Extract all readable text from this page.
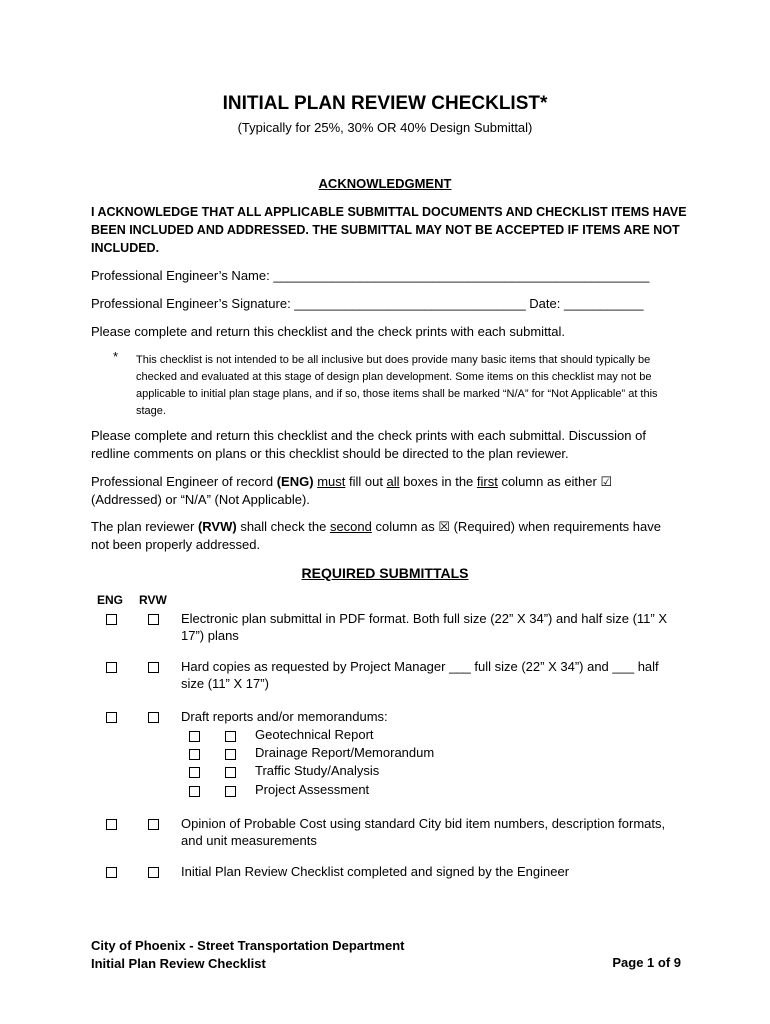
INITIAL PLAN REVIEW CHECKLIST*
(Typically for 25%, 30% OR 40% Design Submittal)
ACKNOWLEDGMENT
I ACKNOWLEDGE THAT ALL APPLICABLE SUBMITTAL DOCUMENTS AND CHECKLIST ITEMS HAVE BEEN INCLUDED AND ADDRESSED. THE SUBMITTAL MAY NOT BE ACCEPTED IF ITEMS ARE NOT INCLUDED.
Professional Engineer’s Name: ____________________________________________________
Professional Engineer’s Signature: ________________________________ Date: ___________
Please complete and return this checklist and the check prints with each submittal.
* This checklist is not intended to be all inclusive but does provide many basic items that should typically be checked and evaluated at this stage of design plan development. Some items on this checklist may not be applicable to initial plan stage plans, and if so, those items shall be marked “N/A” for “Not Applicable” at this stage.
Please complete and return this checklist and the check prints with each submittal. Discussion of redline comments on plans or this checklist should be directed to the plan reviewer.
Professional Engineer of record (ENG) must fill out all boxes in the first column as either ☑ (Addressed) or “N/A” (Not Applicable).
The plan reviewer (RVW) shall check the second column as ☒ (Required) when requirements have not been properly addressed.
REQUIRED SUBMITTALS
ENG RVW
Electronic plan submittal in PDF format. Both full size (22” X 34”) and half size (11” X 17”) plans
Hard copies as requested by Project Manager ___ full size (22” X 34”) and ___ half size (11” X 17”)
Draft reports and/or memorandums:
Geotechnical Report
Drainage Report/Memorandum
Traffic Study/Analysis
Project Assessment
Opinion of Probable Cost using standard City bid item numbers, description formats, and unit measurements
Initial Plan Review Checklist completed and signed by the Engineer
City of Phoenix - Street Transportation Department
Initial Plan Review Checklist	Page 1 of 9
